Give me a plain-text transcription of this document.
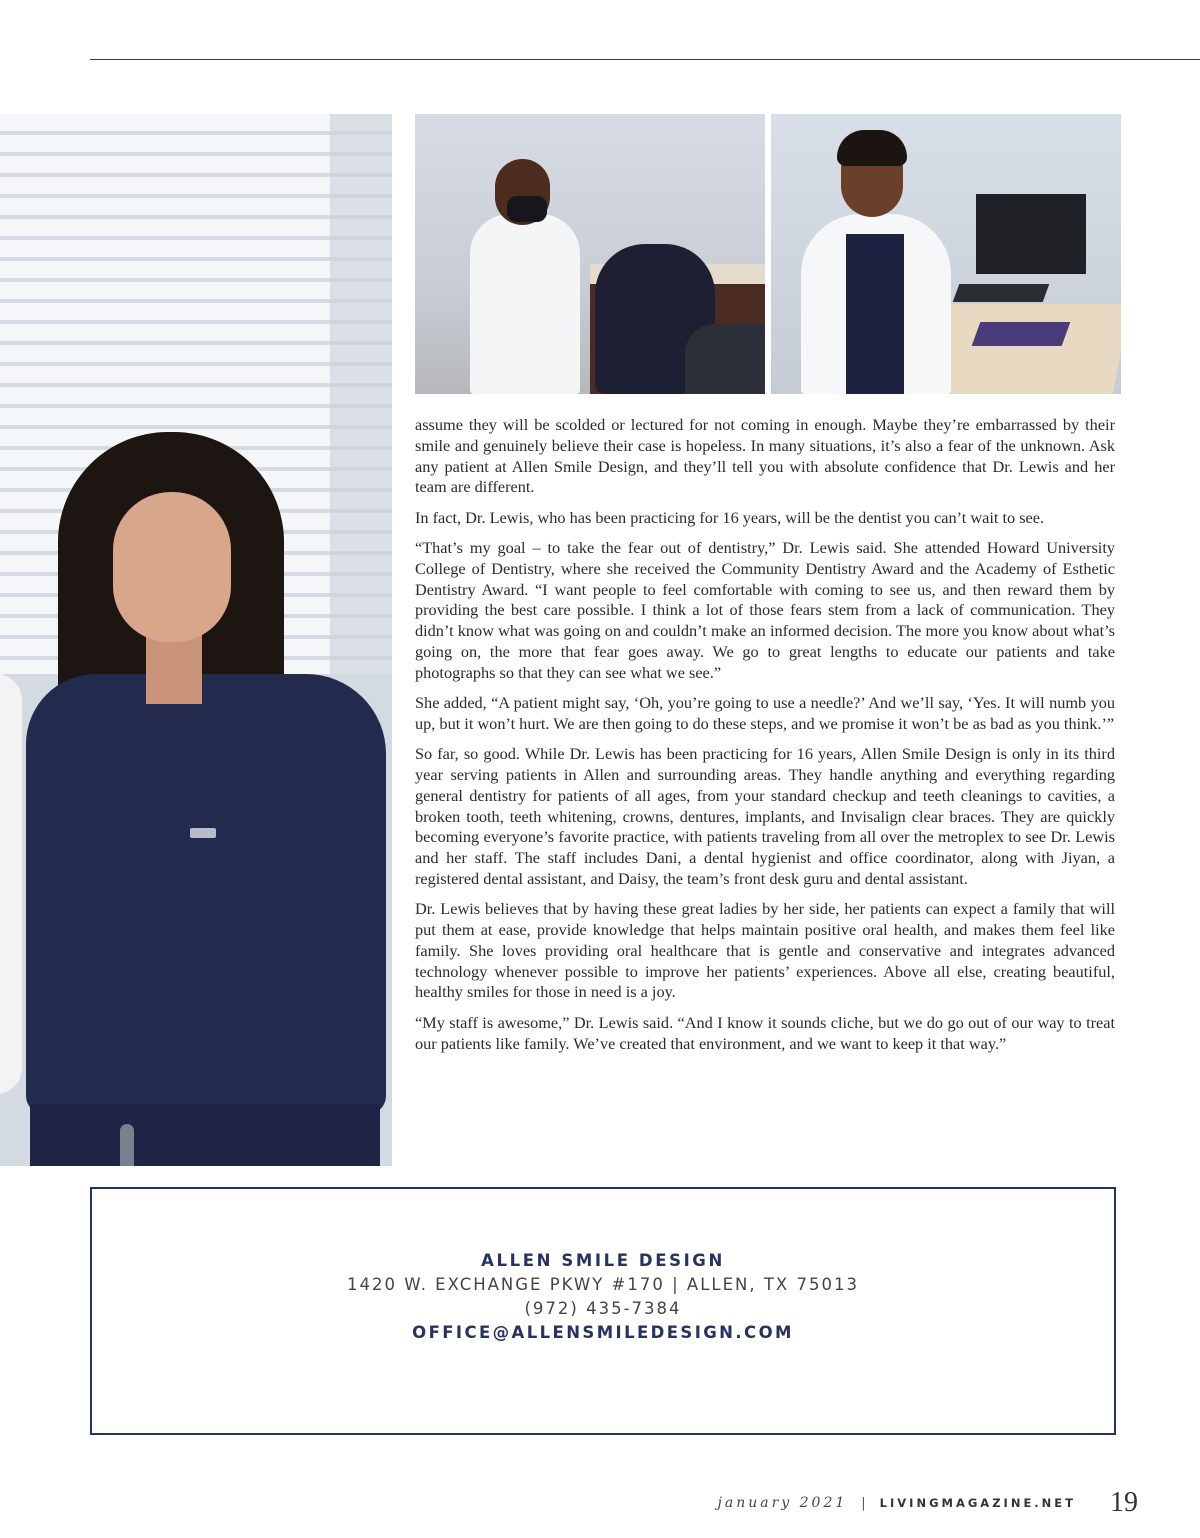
assume they will be scolded or lectured for not coming in enough. Maybe they’re embarrassed by their smile and genuinely believe their case is hopeless. In many situations, it’s also a fear of the unknown. Ask any patient at Allen Smile Design, and they’ll tell you with absolute confidence that Dr. Lewis and her team are different.

In fact, Dr. Lewis, who has been practicing for 16 years, will be the dentist you can’t wait to see.

“That’s my goal – to take the fear out of dentistry,” Dr. Lewis said. She attended Howard University College of Dentistry, where she received the Community Dentistry Award and the Academy of Esthetic Dentistry Award. “I want people to feel comfortable with coming to see us, and then reward them by providing the best care possible. I think a lot of those fears stem from a lack of communication. They didn’t know what was going on and couldn’t make an informed decision. The more you know about what’s going on, the more that fear goes away. We go to great lengths to educate our patients and take photographs so that they can see what we see.”

She added, “A patient might say, ‘Oh, you’re going to use a needle?’ And we’ll say, ‘Yes. It will numb you up, but it won’t hurt. We are then going to do these steps, and we promise it won’t be as bad as you think.’”

So far, so good. While Dr. Lewis has been practicing for 16 years, Allen Smile Design is only in its third year serving patients in Allen and surrounding areas. They handle anything and everything regarding general dentistry for patients of all ages, from your standard checkup and teeth cleanings to cavities, a broken tooth, teeth whitening, crowns, dentures, implants, and Invisalign clear braces. They are quickly becoming everyone’s favorite practice, with patients traveling from all over the metroplex to see Dr. Lewis and her staff. The staff includes Dani, a dental hygienist and office coordinator, along with Jiyan, a registered dental assistant, and Daisy, the team’s front desk guru and dental assistant.

Dr. Lewis believes that by having these great ladies by her side, her patients can expect a family that will put them at ease, provide knowledge that helps maintain positive oral health, and makes them feel like family. She loves providing oral healthcare that is gentle and conservative and integrates advanced technology whenever possible to improve her patients’ experiences. Above all else, creating beautiful, healthy smiles for those in need is a joy.

“My staff is awesome,” Dr. Lewis said. “And I know it sounds cliche, but we do go out of our way to treat our patients like family. We’ve created that environment, and we want to keep it that way.”

ALLEN SMILE DESIGN
1420 W. EXCHANGE PKWY #170 | ALLEN, TX 75013
(972) 435-7384
OFFICE@ALLENSMILEDESIGN.COM
january 2021 | LIVINGMAGAZINE.NET 19
